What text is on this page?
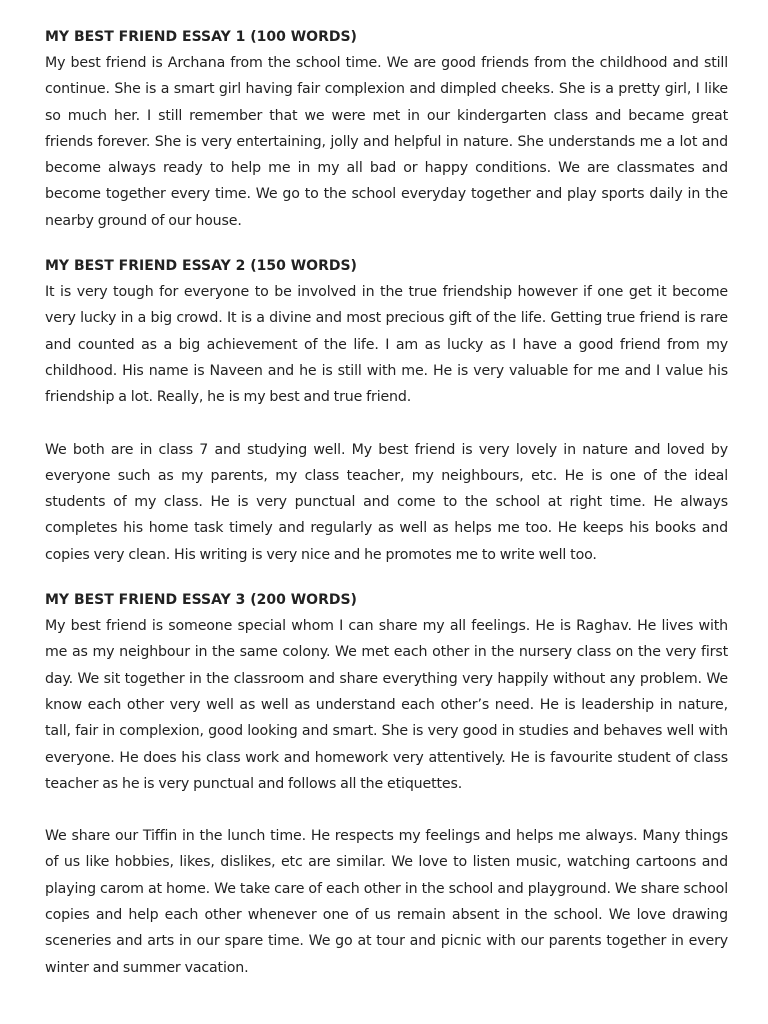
MY BEST FRIEND ESSAY 1 (100 WORDS)

My best friend is Archana from the school time. We are good friends from the childhood and still continue. She is a smart girl having fair complexion and dimpled cheeks. She is a pretty girl, I like so much her. I still remember that we were met in our kindergarten class and became great friends forever. She is very entertaining, jolly and helpful in nature. She understands me a lot and become always ready to help me in my all bad or happy conditions. We are classmates and become together every time. We go to the school everyday together and play sports daily in the nearby ground of our house.

MY BEST FRIEND ESSAY 2 (150 WORDS)

It is very tough for everyone to be involved in the true friendship however if one get it become very lucky in a big crowd. It is a divine and most precious gift of the life. Getting true friend is rare and counted as a big achievement of the life. I am as lucky as I have a good friend from my childhood. His name is Naveen and he is still with me. He is very valuable for me and I value his friendship a lot. Really, he is my best and true friend.

We both are in class 7 and studying well. My best friend is very lovely in nature and loved by everyone such as my parents, my class teacher, my neighbours, etc. He is one of the ideal students of my class. He is very punctual and come to the school at right time. He always completes his home task timely and regularly as well as helps me too. He keeps his books and copies very clean. His writing is very nice and he promotes me to write well too.

MY BEST FRIEND ESSAY 3 (200 WORDS)

My best friend is someone special whom I can share my all feelings. He is Raghav. He lives with me as my neighbour in the same colony. We met each other in the nursery class on the very first day. We sit together in the classroom and share everything very happily without any problem. We know each other very well as well as understand each other’s need. He is leadership in nature, tall, fair in complexion, good looking and smart. She is very good in studies and behaves well with everyone. He does his class work and homework very attentively. He is favourite student of class teacher as he is very punctual and follows all the etiquettes.

We share our Tiffin in the lunch time. He respects my feelings and helps me always. Many things of us like hobbies, likes, dislikes, etc are similar. We love to listen music, watching cartoons and playing carom at home. We take care of each other in the school and playground. We share school copies and help each other whenever one of us remain absent in the school. We love drawing sceneries and arts in our spare time. We go at tour and picnic with our parents together in every winter and summer vacation.
